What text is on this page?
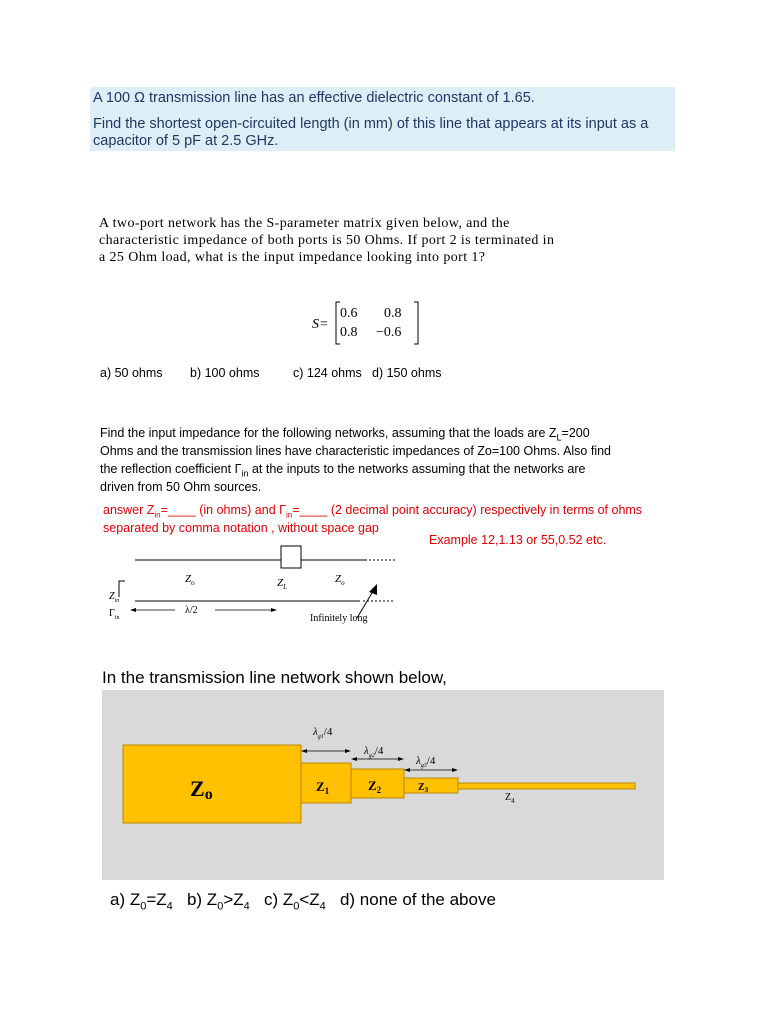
A 100 Ω transmission line has an effective dielectric constant of 1.65.
Find the shortest open-circuited length (in mm) of this line that appears at its input as a
capacitor of 5 pF at 2.5 GHz.
A two-port network has the S-parameter matrix given below, and the
characteristic impedance of both ports is 50 Ohms. If port 2 is terminated in
a 25 Ohm load, what is the input impedance looking into port 1?
S=
0.6 0.8
0.8 −0.6
a) 50 ohms b) 100 ohms	c) 124 ohms d) 150 ohms
Find the input impedance for the following networks, assuming that the loads are $Z_L=200$
Ohms and the transmission lines have characteristic impedances of Zo=100 Ohms. Also find
the reflection coefficient $\Gamma_{in}$ at the inputs to the networks assuming that the networks are
driven from 50 Ohm sources.
answer $Z_{in}=\_\_\_\_$ (in ohms) and $\Gamma_{in}=\_\_\_\_$ (2 decimal point accuracy) respectively in terms of ohms
separated by comma notation , without space gap
Example 12,1.13 or 55,0.52 etc.
$Z_o$	$Z_L$
$Z_o$
$Z_{in}$
$\Gamma_{in}$
λ/2
Infinitely long
In the transmission line network shown below,
$\lambda_{g1}/4$
$\lambda_{g2}/4$
$\lambda_{g3}/4$
Zo	$Z_1$	$Z_2$	$Z_3$
$Z_4$
a) $Z_0=Z_4$ b) $Z_0>Z_4$ c) $Z_0<Z_4$ d) none of the above
